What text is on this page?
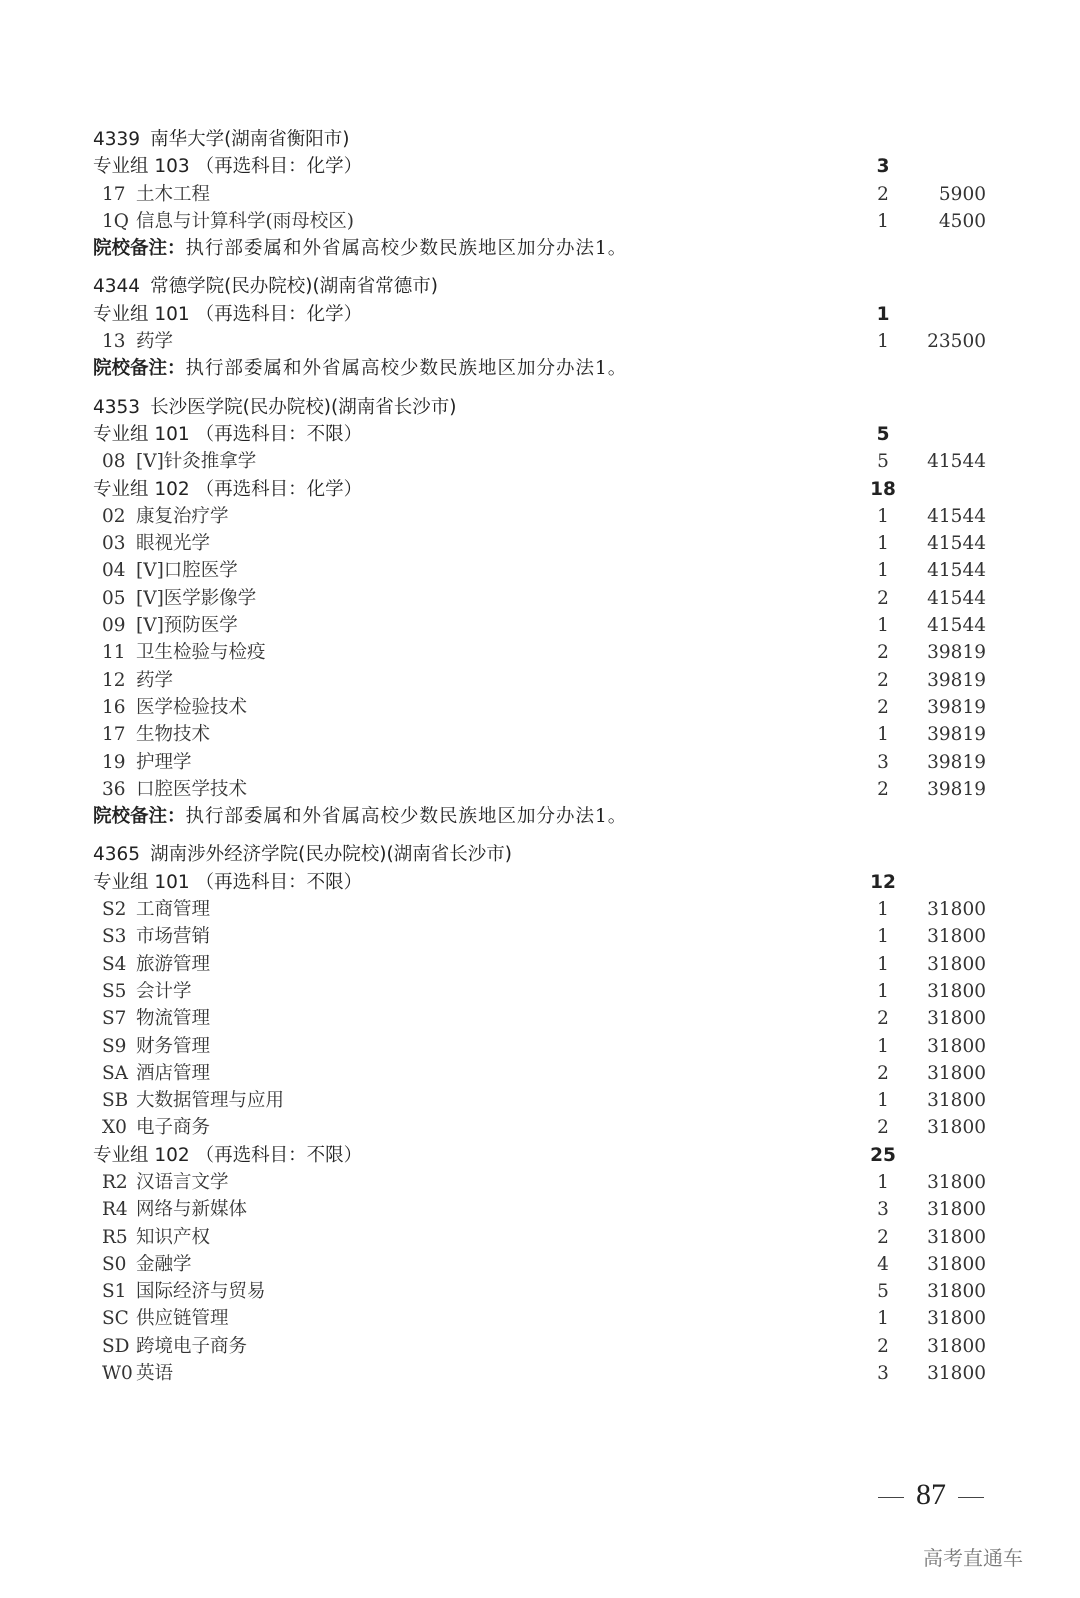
4339 南华大学(湖南省衡阳市)
专业组 103 （再选科目：化学）	3
17 土木工程	2	5900
1Q 信息与计算科学(雨母校区)	1	4500
院校备注：执行部委属和外省属高校少数民族地区加分办法1。
4344 常德学院(民办院校)(湖南省常德市)
专业组 101 （再选科目：化学）	1
13 药学	1	23500
院校备注：执行部委属和外省属高校少数民族地区加分办法1。
4353 长沙医学院(民办院校)(湖南省长沙市)
专业组 101 （再选科目：不限）	5
08 [V]针灸推拿学	5	41544
专业组 102 （再选科目：化学）	18
02 康复治疗学	1	41544
03 眼视光学	1	41544
04 [V]口腔医学	1	41544
05 [V]医学影像学	2	41544
09 [V]预防医学	1	41544
11 卫生检验与检疫	2	39819
12 药学	2	39819
16 医学检验技术	2	39819
17 生物技术	1	39819
19 护理学	3	39819
36 口腔医学技术	2	39819
院校备注：执行部委属和外省属高校少数民族地区加分办法1。
4365 湖南涉外经济学院(民办院校)(湖南省长沙市)
专业组 101 （再选科目：不限）	12
S2 工商管理	1	31800
S3 市场营销	1	31800
S4 旅游管理	1	31800
S5 会计学	1	31800
S7 物流管理	2	31800
S9 财务管理	1	31800
SA 酒店管理	2	31800
SB 大数据管理与应用	1	31800
X0 电子商务	2	31800
专业组 102 （再选科目：不限）	25
R2 汉语言文学	1	31800
R4 网络与新媒体	3	31800
R5 知识产权	2	31800
S0 金融学	4	31800
S1 国际经济与贸易	5	31800
SC 供应链管理	1	31800
SD 跨境电子商务	2	31800
W0 英语	3	31800
87
高考直通车
